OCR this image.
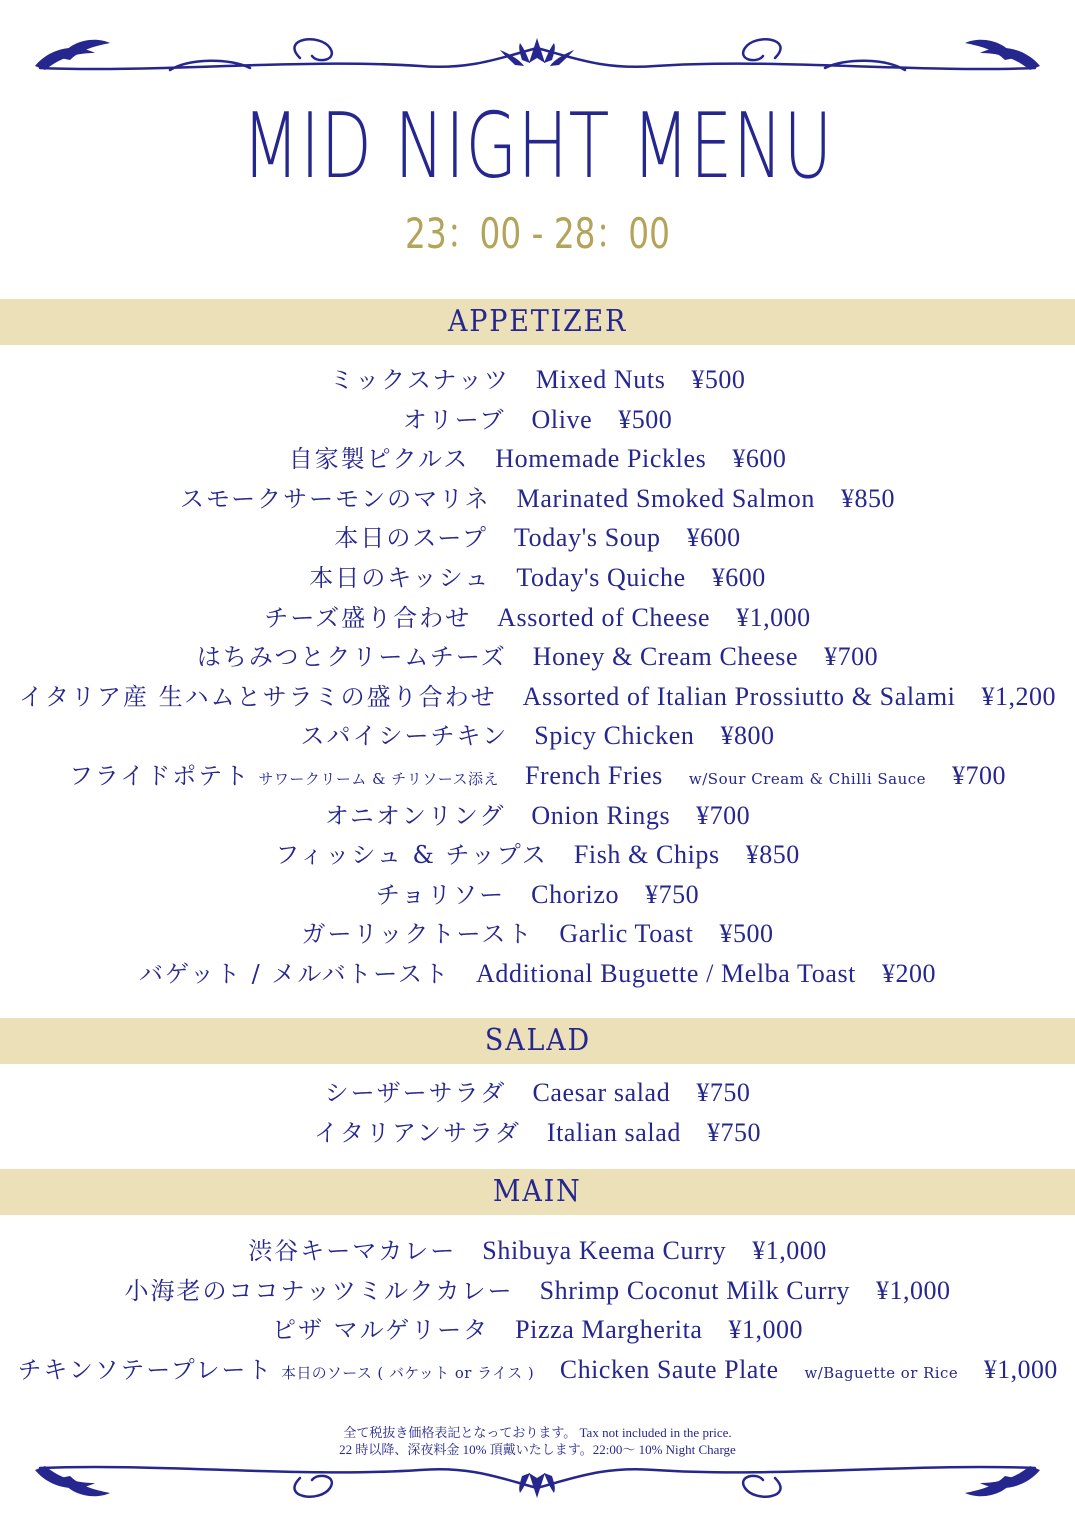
MID NIGHT MENU
23：00 - 28：00
APPETIZER
ミックスナッツ Mixed Nuts ¥500
オリーブ Olive ¥500
自家製ピクルス Homemade Pickles ¥600
スモークサーモンのマリネ Marinated Smoked Salmon ¥850
本日のスープ Today's Soup ¥600
本日のキッシュ Today's Quiche ¥600
チーズ盛り合わせ Assorted of Cheese ¥1,000
はちみつとクリームチーズ Honey & Cream Cheese ¥700
イタリア産 生ハムとサラミの盛り合わせ Assorted of Italian Prossiutto & Salami ¥1,200
スパイシーチキン Spicy Chicken ¥800
フライドポテト サワークリーム & チリソース添え French Fries w/Sour Cream & Chilli Sauce ¥700
オニオンリング Onion Rings ¥700
フィッシュ & チップス Fish & Chips ¥850
チョリソー Chorizo ¥750
ガーリックトースト Garlic Toast ¥500
バゲット / メルバトースト Additional Buguette / Melba Toast ¥200
SALAD
シーザーサラダ Caesar salad ¥750
イタリアンサラダ Italian salad ¥750
MAIN
渋谷キーマカレー Shibuya Keema Curry ¥1,000
小海老のココナッツミルクカレー Shrimp Coconut Milk Curry ¥1,000
ピザ マルゲリータ Pizza Margherita ¥1,000
チキンソテープレート 本日のソース ( バケット or ライス ) Chicken Saute Plate w/Baguette or Rice ¥1,000
全て税抜き価格表記となっております。 Tax not included in the price.
22 時以降、深夜料金 10% 頂戴いたします。22:00～ 10% Night Charge
